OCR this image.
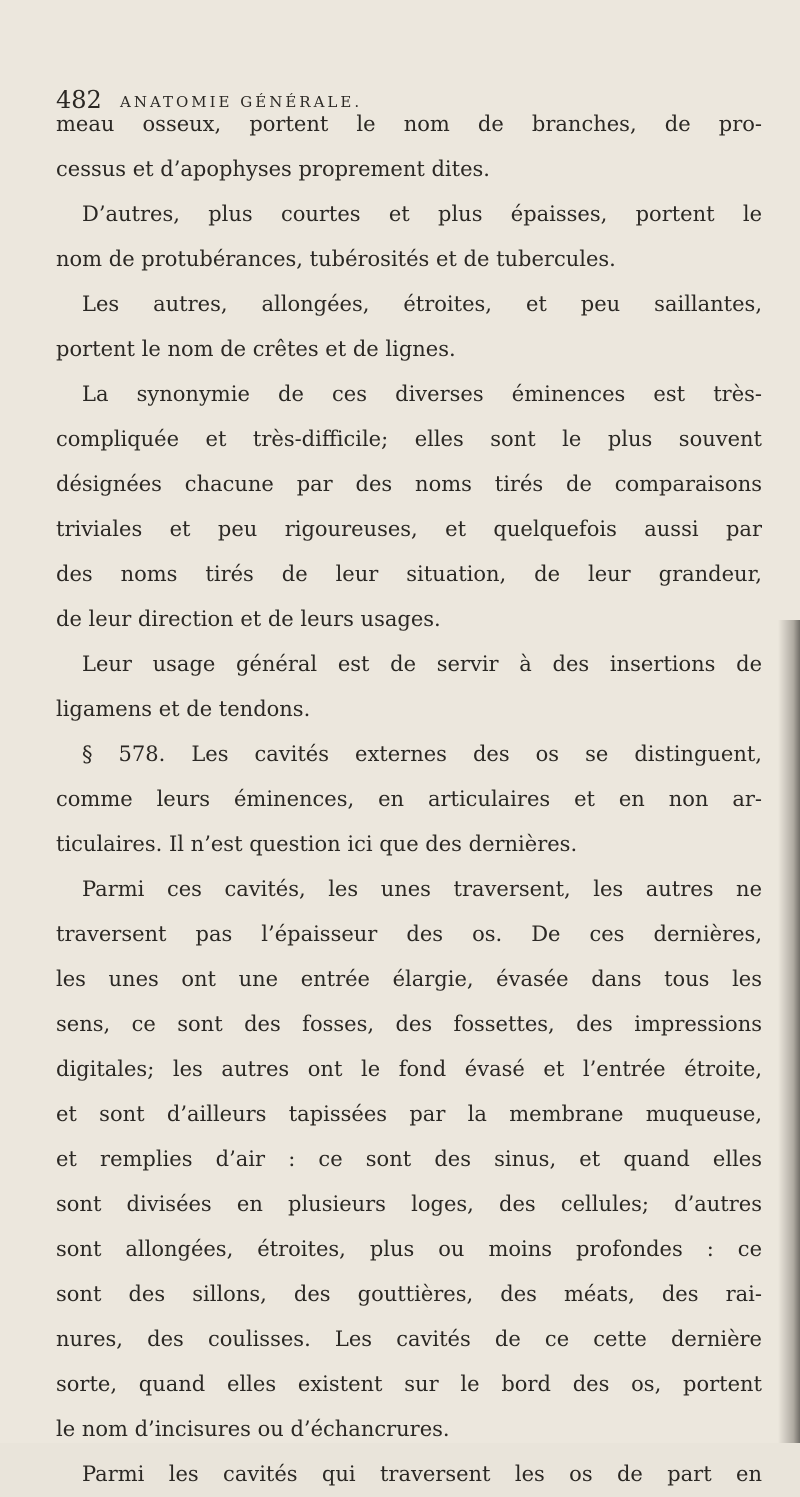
482 ANATOMIE GÉNÉRALE.
meau osseux, portent le nom de branches, de pro-
cessus et d’apophyses proprement dites.
D’autres, plus courtes et plus épaisses, portent le
nom de protubérances, tubérosités et de tubercules.
Les autres, allongées, étroites, et peu saillantes,
portent le nom de crêtes et de lignes.
La synonymie de ces diverses éminences est très-
compliquée et très-difficile; elles sont le plus souvent
désignées chacune par des noms tirés de comparaisons
triviales et peu rigoureuses, et quelquefois aussi par
des noms tirés de leur situation, de leur grandeur,
de leur direction et de leurs usages.
Leur usage général est de servir à des insertions de
ligamens et de tendons.
§ 578. Les cavités externes des os se distinguent,
comme leurs éminences, en articulaires et en non ar-
ticulaires. Il n’est question ici que des dernières.
Parmi ces cavités, les unes traversent, les autres ne
traversent pas l’épaisseur des os. De ces dernières,
les unes ont une entrée élargie, évasée dans tous les
sens, ce sont des fosses, des fossettes, des impressions
digitales; les autres ont le fond évasé et l’entrée étroite,
et sont d’ailleurs tapissées par la membrane muqueuse,
et remplies d’air : ce sont des sinus, et quand elles
sont divisées en plusieurs loges, des cellules; d’autres
sont allongées, étroites, plus ou moins profondes : ce
sont des sillons, des gouttières, des méats, des rai-
nures, des coulisses. Les cavités de ce cette dernière
sorte, quand elles existent sur le bord des os, portent
le nom d’incisures ou d’échancrures.
Parmi les cavités qui traversent les os de part en
